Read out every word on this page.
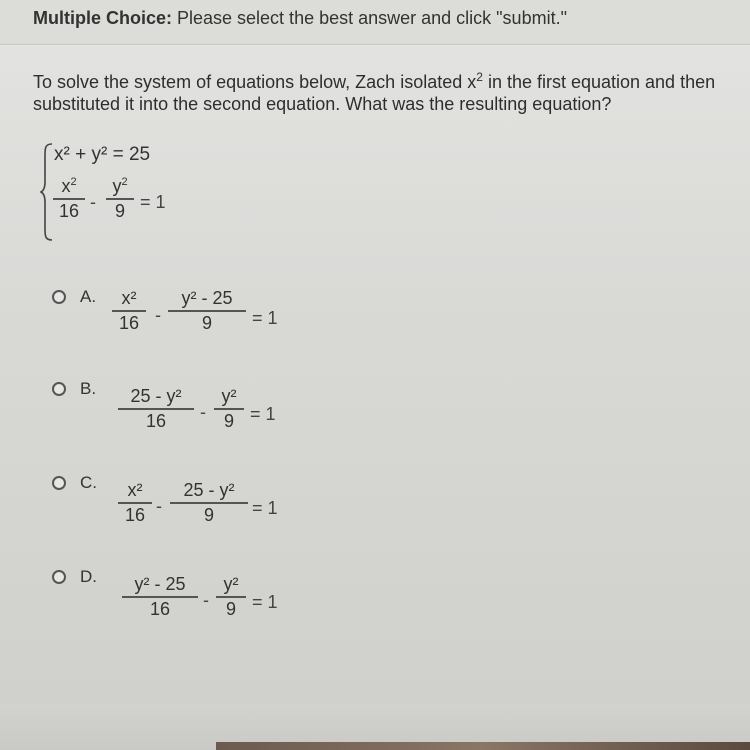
Multiple Choice: Please select the best answer and click "submit."
To solve the system of equations below, Zach isolated $x^2$ in the first equation and then substituted it into the second equation. What was the resulting equation?
x² + y² = 25
$x^2$
16 -
$y^2$
9 = 1
A.	x²
16 -
y² - 25
9	= 1
B.	25 - y²
16	-
y²
9 = 1
C.	x²
16 -
25 - y²
9	= 1
D.	y² - 25
16	-
y²
9 = 1
